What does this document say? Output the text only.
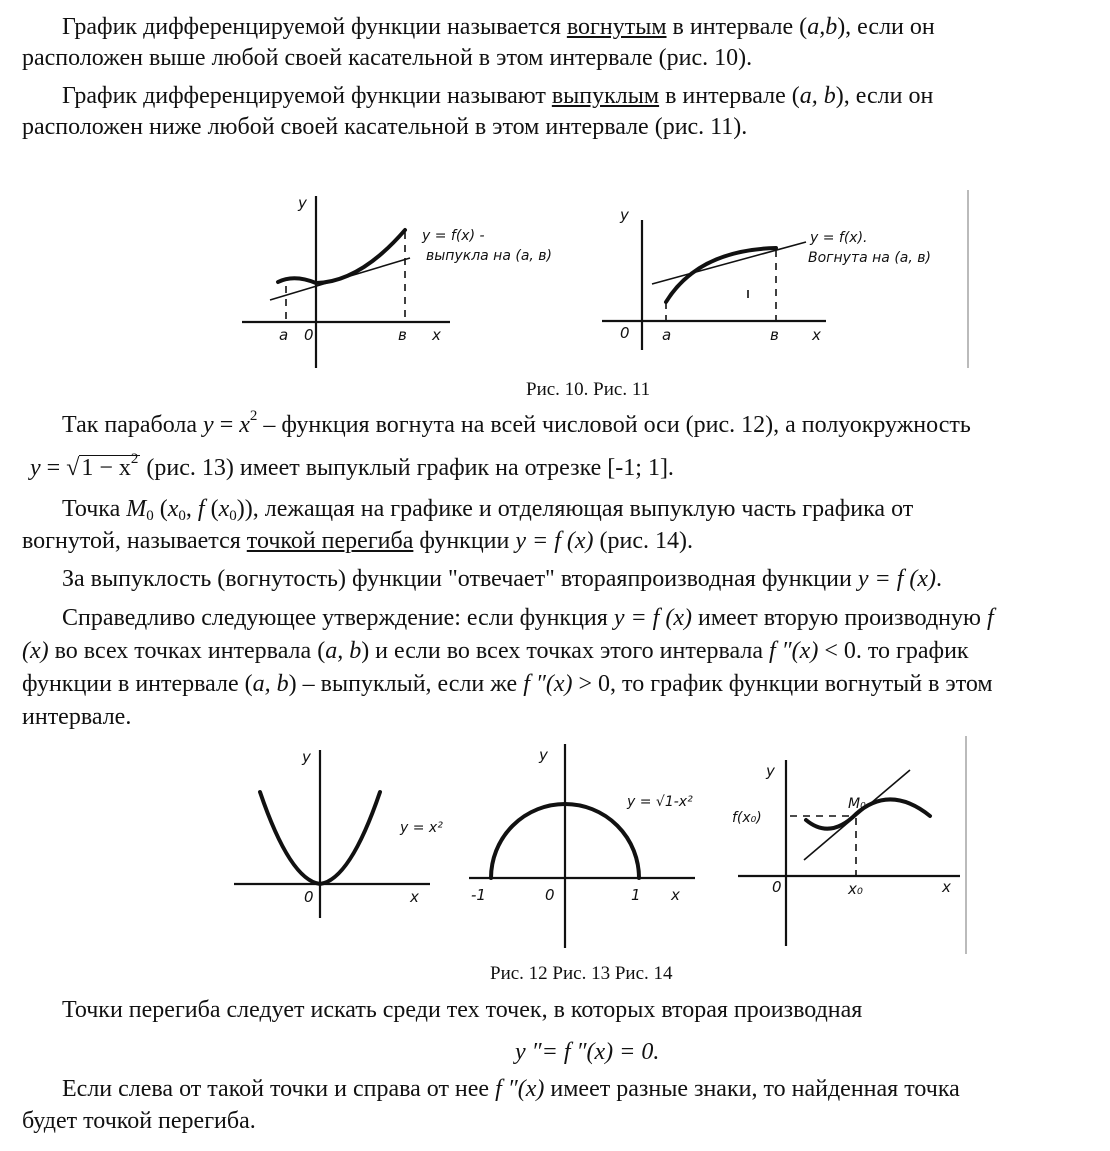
График дифференцируемой функции называется вогнутым в интервале (a,b), если он
расположен выше любой своей касательной в этом интервале (рис. 10).
График дифференцируемой функции называют выпуклым в интервале (a, b), если он
расположен ниже любой своей касательной в этом интервале (рис. 11).
y
0
a	в x
y = f(x) -
выпукла на (a, в)
y
0 a	в x
y = f(x).
Вогнута на (a, в)
Рис. 10. Рис. 11
Так парабола $y = x^2$ – функция вогнута на всей числовой оси (рис. 12), а полуокружность
$y = √1 - x^2$ (рис. 13) имеет выпуклый график на отрезке [-1; 1].
Точка $M_0$ ($x_0$, f $(x_0)$), лежащая на графике и отделяющая выпуклую часть графика от
вогнутой, называется точкой перегиба функции y = f (x) (рис. 14).
За выпуклость (вогнутость) функции "отвечает" втораяпроизводная функции y = f (x).
Справедливо следующее утверждение: если функция y = f (x) имеет вторую производную f
(x) во всех точках интервала (a, b) и если во всех точках этого интервала f ″(x) < 0. то график
функции в интервале (a, b) – выпуклый, если же f ″(x) > 0, то график функции вогнутый в этом
интервале.
y
0	x
y = x²
y
0
-1	1 x
y = √1-x²
y
0	x₀	x
f(x₀)
M₀
Рис. 12 Рис. 13 Рис. 14
Точки перегиба следует искать среди тех точек, в которых вторая производная
y ″= f ″(x) = 0.
Если слева от такой точки и справа от нее f ″(x) имеет разные знаки, то найденная точка
будет точкой перегиба.
